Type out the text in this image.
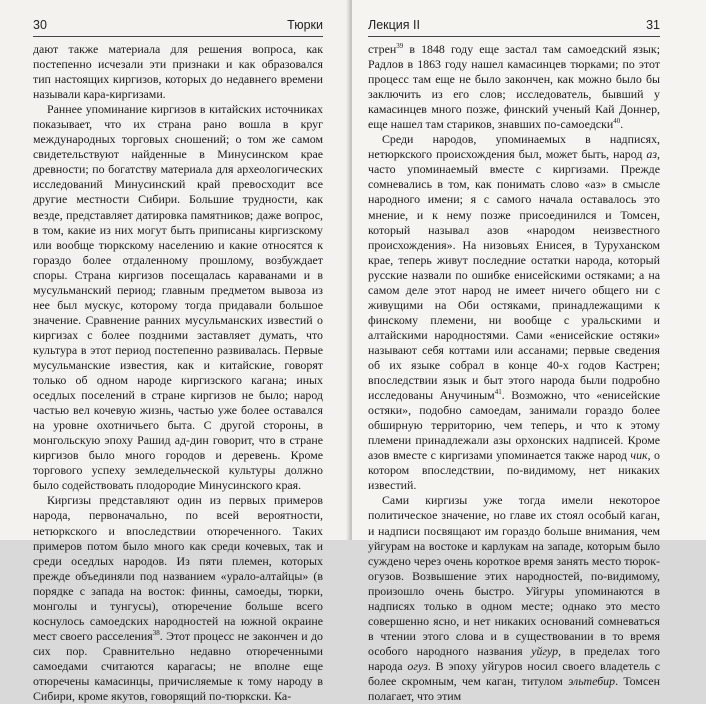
30	Тюрки

дают также материала для решения вопроса, как постепенно исчезали эти признаки и как образовался тип настоящих киргизов, которых до недавнего времени называли кара-киргизами.

Раннее упоминание киргизов в китайских источниках показывает, что их страна рано вошла в круг международных торговых сношений; о том же самом свидетельствуют найденные в Минусинском крае древности; по богатству материала для археологических исследований Минусинский край превосходит все другие местности Сибири. Большие трудности, как везде, представляет датировка памятников; даже вопрос, в том, какие из них могут быть приписаны киргизскому или вообще тюркскому населению и какие относятся к гораздо более отдаленному прошлому, возбуждает споры. Страна киргизов посещалась караванами и в мусульманский период; главным предметом вывоза из нее был мускус, которому тогда придавали большое значение. Сравнение ранних мусульманских известий о киргизах с более поздними заставляет думать, что культура в этот период постепенно развивалась. Первые мусульманские известия, как и китайские, говорят только об одном народе киргизского кагана; иных оседлых поселений в стране киргизов не было; народ частью вел кочевую жизнь, частью уже более оставался на уровне охотничьего быта. С другой стороны, в монгольскую эпоху Рашид ад-дин говорит, что в стране киргизов было много городов и деревень. Кроме торгового успеху земледельческой культуры должно было содействовать плодородие Минусинского края.

Киргизы представляют один из первых примеров народа, первоначально, по всей вероятности, нетюркского и впоследствии отюреченного. Таких примеров потом было много как среди кочевых, так и среди оседлых народов. Из пяти племен, которых прежде объединяли под названием «урало-алтайцы» (в порядке с запада на восток: финны, самоеды, тюрки, монголы и тунгусы), отюречение больше всего коснулось самоедских народностей на южной окраине мест своего расселения$^{38}$. Этот процесс не закончен и до сих пор. Сравнительно недавно отюреченными самоедами считаются карагасы; не вполне еще отюречены камасинцы, причисляемые к тому народу в Сибири, кроме якутов, говорящий по-тюркски. Ка-

Лекция II	31

стрен$^{39}$ в 1848 году еще застал там самоедский язык; Радлов в 1863 году нашел камасинцев тюрками; по этот процесс там еще не было закончен, как можно было бы заключить из его слов; исследователь, бывший у камасинцев много позже, финский ученый Кай Доннер, еще нашел там стариков, знавших по-самоедски$^{40}$.

Среди народов, упоминаемых в надписях, нетюркского происхождения был, может быть, народ аз, часто упоминаемый вместе с киргизами. Прежде сомневались в том, как понимать слово «аз» в смысле народного имени; я с самого начала оставалось это мнение, и к нему позже присоединился и Томсен, который называл азов «народом неизвестного происхождения». На низовьях Енисея, в Туруханском крае, теперь живут последние остатки народа, который русские назвали по ошибке енисейскими остяками; а на самом деле этот народ не имеет ничего общего ни с живущими на Оби остяками, принадлежащими к финскому племени, ни вообще с уральскими и алтайскими народностями. Сами «енисейские остяки» называют себя коттами или ассанами; первые сведения об их языке собрал в конце 40-х годов Кастрен; впоследствии язык и быт этого народа были подробно исследованы Анучиным$^{41}$. Возможно, что «енисейские остяки», подобно самоедам, занимали гораздо более обширную территорию, чем теперь, и что к этому племени принадлежали азы орхонских надписей. Кроме азов вместе с киргизами упоминается также народ чик, о котором впоследствии, по-видимому, нет никаких известий.

Сами киргизы уже тогда имели некоторое политическое значение, но главе их стоял особый каган, и надписи посвящают им гораздо больше внимания, чем уйгурам на востоке и карлукам на западе, которым было суждено через очень короткое время занять место тюрок-огузов. Возвышение этих народностей, по-видимому, произошло очень быстро. Уйгуры упоминаются в надписях только в одном месте; однако это место совершенно ясно, и нет никаких оснований сомневаться в чтении этого слова и в существовании в то время особого народного названия уйгур, в пределах того народа огуз. В эпоху уйгуров носил своего владетель с более скромным, чем каган, титулом эльтебир. Томсен полагает, что этим
